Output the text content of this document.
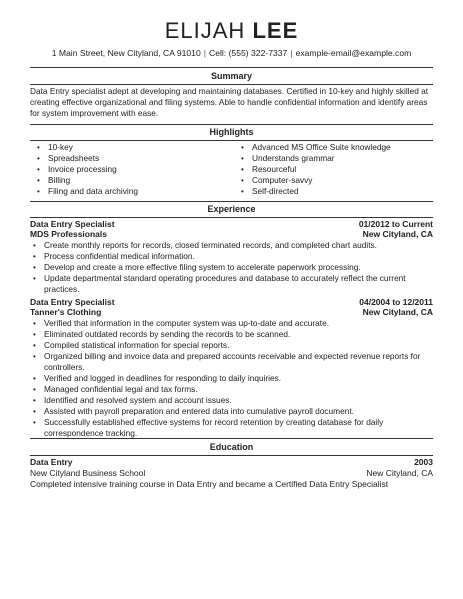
ELIJAH LEE
1 Main Street, New Cityland, CA 91010 | Cell: (555) 322-7337 | example-email@example.com
Summary
Data Entry specialist adept at developing and maintaining databases. Certified in 10-key and highly skilled at
creating effective organizational and filing systems. Able to handle confidential information and identify areas
for system improvement with ease.
Highlights
• 10-key
• Spreadsheets
• Invoice processing
• Billing
• Filing and data archiving
• Advanced MS Office Suite knowledge
• Understands grammar
• Resourceful
• Computer-savvy
• Self-directed
Experience
Data Entry Specialist	01/2012 to Current
MDS Professionals	New Cityland, CA
• Create monthly reports for records, closed terminated records, and completed chart audits.
• Process confidential medical information.
• Develop and create a more effective filing system to accelerate paperwork processing.
• Update departmental standard operating procedures and database to accurately reflect the current
practices.
Data Entry Specialist	04/2004 to 12/2011
Tanner's Clothing	New Cityland, CA
• Verified that information in the computer system was up-to-date and accurate.
• Eliminated outdated records by sending the records to be scanned.
• Compiled statistical information for special reports.
• Organized billing and invoice data and prepared accounts receivable and expected revenue reports for
controllers.
• Verified and logged in deadlines for responding to daily inquiries.
• Managed confidential legal and tax forms.
• Identified and resolved system and account issues.
• Assisted with payroll preparation and entered data into cumulative payroll document.
• Successfully established effective systems for record retention by creating database for daily
correspondence tracking.
Education
Data Entry	2003
New Cityland Business School	New Cityland, CA
Completed intensive training course in Data Entry and became a Certified Data Entry Specialist
